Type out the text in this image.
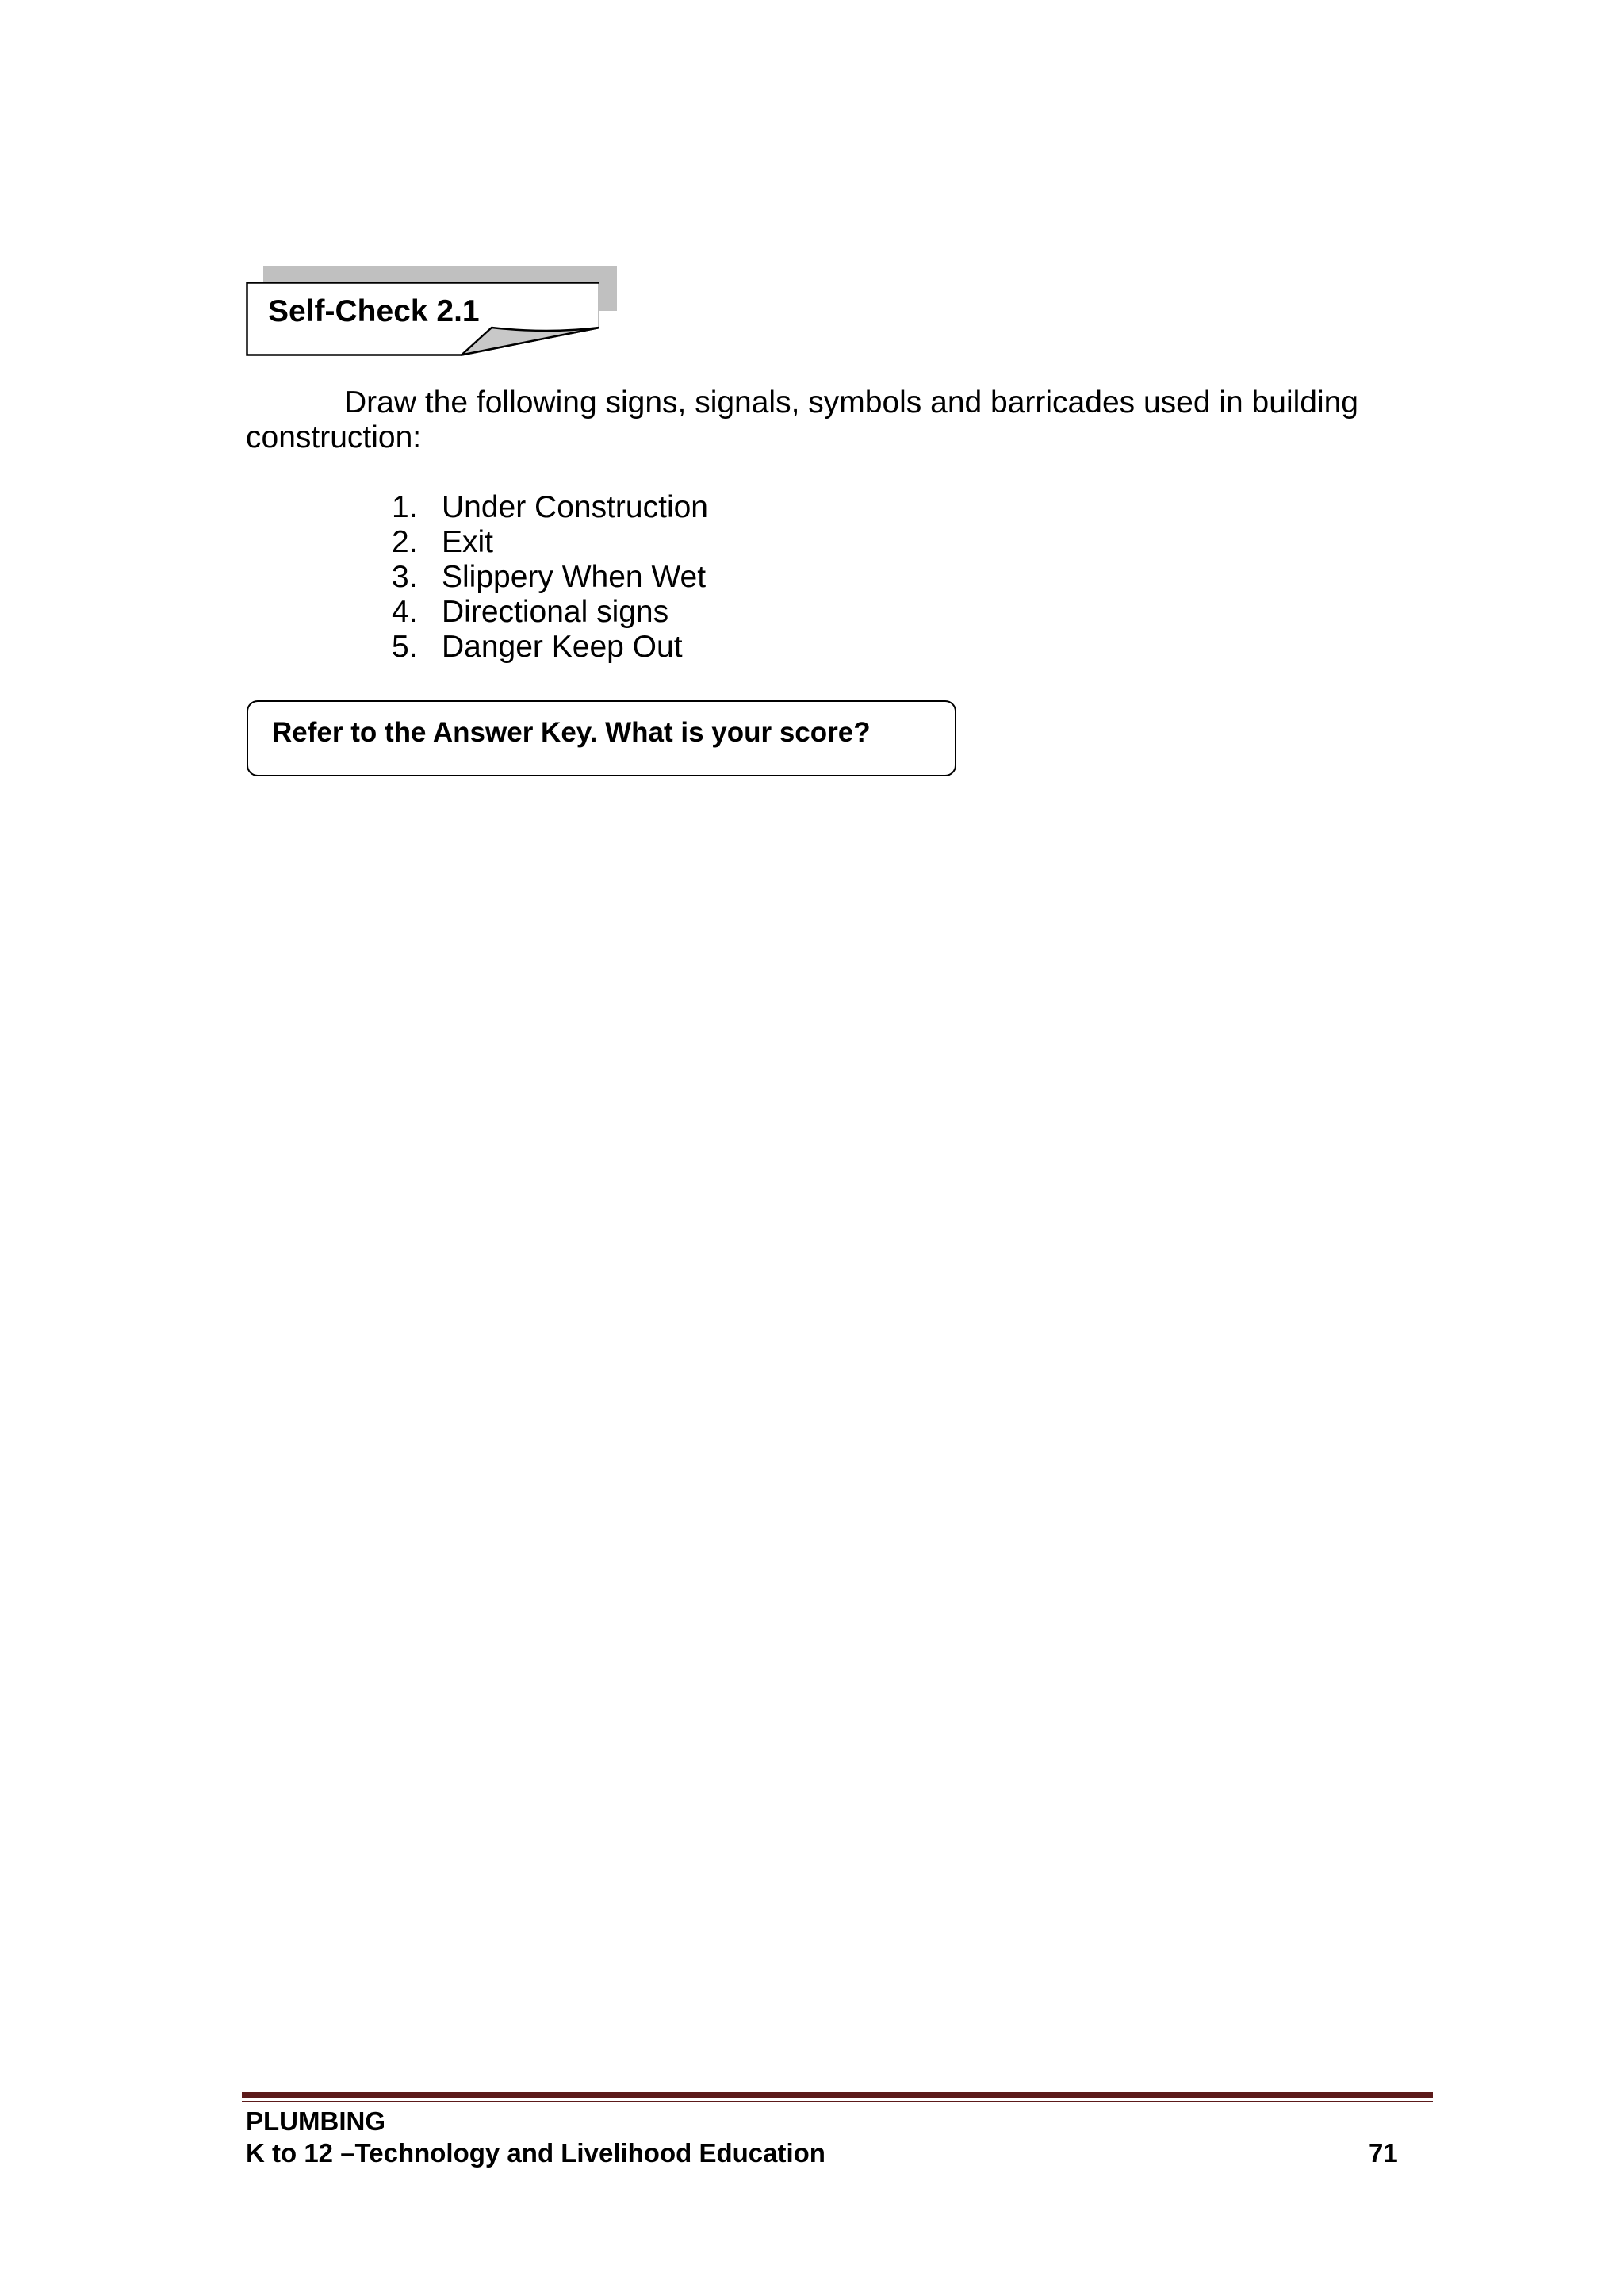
Self-Check 2.1
Draw the following signs, signals, symbols and barricades used in building construction:
1. Under Construction
2. Exit
3. Slippery When Wet
4. Directional signs
5. Danger Keep Out
Refer to the Answer Key. What is your score?
PLUMBING
K to 12 –Technology and Livelihood Education	71
